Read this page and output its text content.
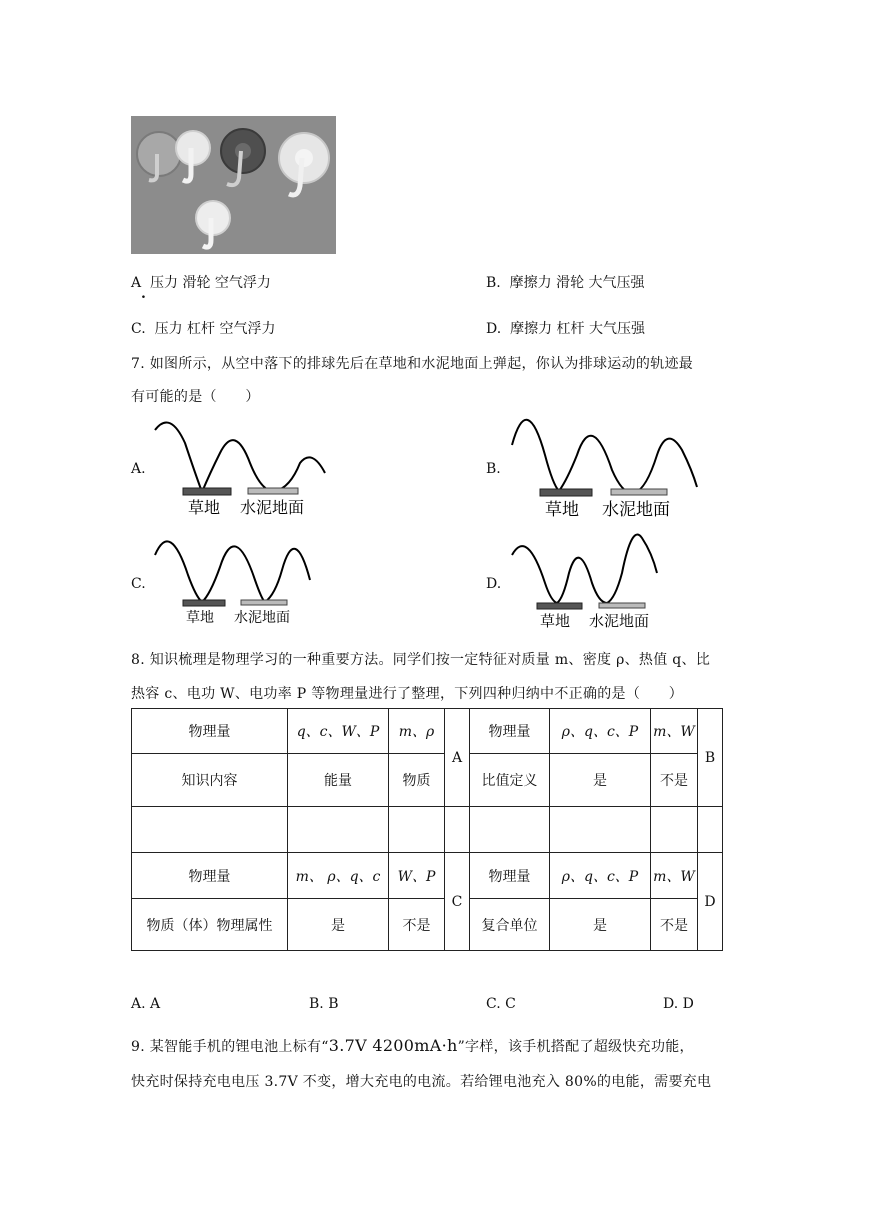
A 压力 滑轮 空气浮力
.
B. 摩擦力 滑轮 大气压强
C. 压力 杠杆 空气浮力	D. 摩擦力 杠杆 大气压强
7. 如图所示，从空中落下的排球先后在草地和水泥地面上弹起，你认为排球运动的轨迹最
有可能的是（　　）
A.
草地 水泥地面
B.
草地 水泥地面
C.
草地 水泥地面
D.
草地 水泥地面
8. 知识梳理是物理学习的一种重要方法。同学们按一定特征对质量 m、密度 ρ、热值 q、比
热容 c、电功 W、电功率 P 等物理量进行了整理，下列四种归纳中不正确的是（　　）
物理量	q、c、W、P	m、ρ	A	物理量	ρ、q、c、P	m、W	B
知识内容	能量	物质		比值定义	是	不是	

物理量	m、 ρ、q、c	W、P	C	物理量	ρ、q、c、P	m、W	D
物质（体）物理属性	是	不是		复合单位	是	不是	
A. A	B. B	C. C	D. D
9. 某智能手机的锂电池上标有“3.7V 4200mA·h”字样，该手机搭配了超级快充功能，
快充时保持充电电压 3.7V 不变，增大充电的电流。若给锂电池充入 80%的电能，需要充电
